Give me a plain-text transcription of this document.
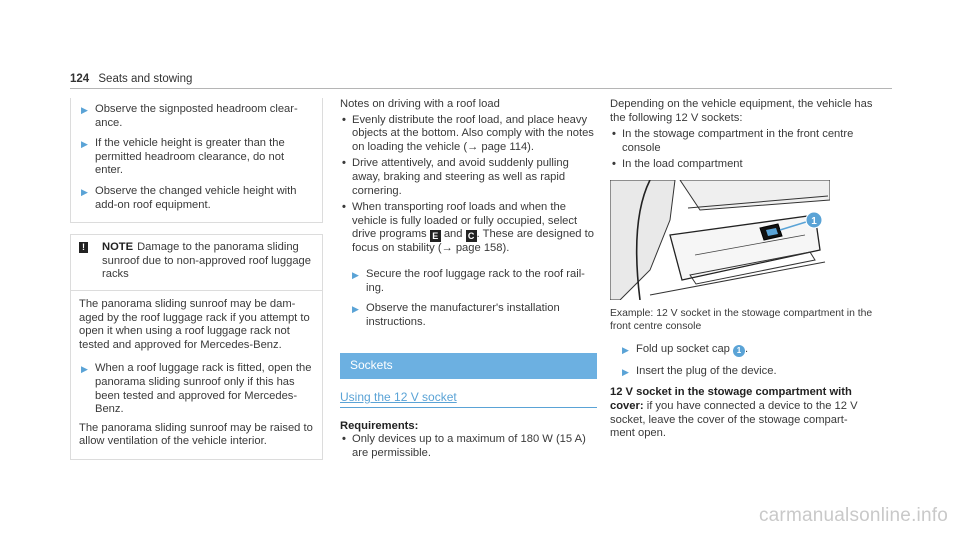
124 Seats and stowing
▶ Observe the signposted headroom clear- ance.
▶ If the vehicle height is greater than the permitted headroom clearance, do not enter.
▶ Observe the changed vehicle height with add-on roof equipment.
! NOTE Damage to the panorama sliding sunroof due to non-approved roof luggage racks

The panorama sliding sunroof may be dam- aged by the roof luggage rack if you attempt to open it when using a roof luggage rack not tested and approved for Mercedes-Benz.

▶ When a roof luggage rack is fitted, open the panorama sliding sunroof only if this has been tested and approved for Mercedes-Benz.

The panorama sliding sunroof may be raised to allow ventilation of the vehicle interior.

Notes on driving with a roof load

• Evenly distribute the roof load, and place heavy objects at the bottom. Also comply with the notes on loading the vehicle (→ page 114).
• Drive attentively, and avoid suddenly pulling away, braking and steering as well as rapid cornering.
• When transporting roof loads and when the vehicle is fully loaded or fully occupied, select drive programs E and C . These are designed to focus on stability (→ page 158).
▶ Secure the roof luggage rack to the roof rail- ing.
▶ Observe the manufacturer's installation instructions.
Sockets
Using the 12 V socket

Requirements:

• Only devices up to a maximum of 180 W (15 A) are permissible.

Depending on the vehicle equipment, the vehicle has the following 12 V sockets:

• In the stowage compartment in the front centre console
• In the load compartment
1

Example: 12 V socket in the stowage compartment in the front centre console

▶ Fold up socket cap 1 .
▶ Insert the plug of the device.

12 V socket in the stowage compartment with cover: if you have connected a device to the 12 V socket, leave the cover of the stowage compart- ment open.

carmanualsonline.info
